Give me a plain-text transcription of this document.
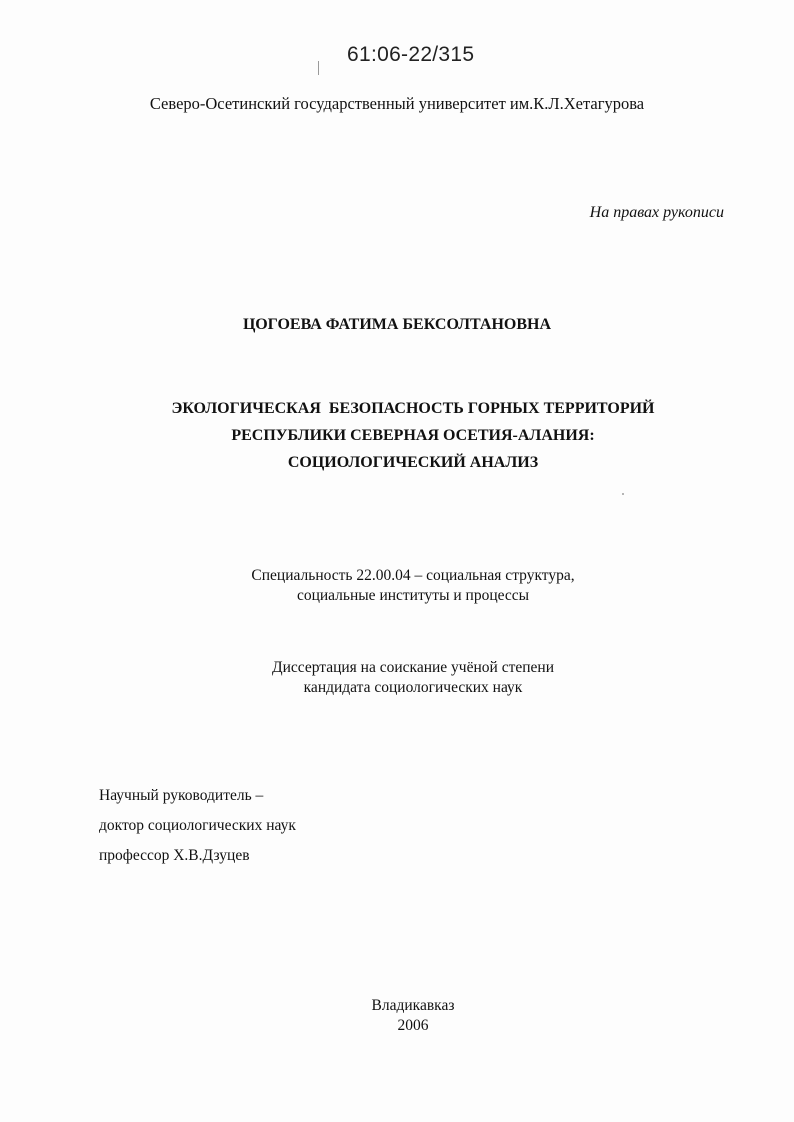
61:06-22/315
Северо-Осетинский государственный университет им.К.Л.Хетагурова
На правах рукописи
ЦОГОЕВА ФАТИМА БЕКСОЛТАНОВНА
ЭКОЛОГИЧЕСКАЯ  БЕЗОПАСНОСТЬ ГОРНЫХ ТЕРРИТОРИЙ
РЕСПУБЛИКИ СЕВЕРНАЯ ОСЕТИЯ-АЛАНИЯ:
СОЦИОЛОГИЧЕСКИЙ АНАЛИЗ
Специальность 22.00.04 – социальная структура,
социальные институты и процессы
Диссертация на соискание учёной степени
кандидата социологических наук
Научный руководитель –
доктор социологических наук
профессор Х.В.Дзуцев
Владикавказ
2006
